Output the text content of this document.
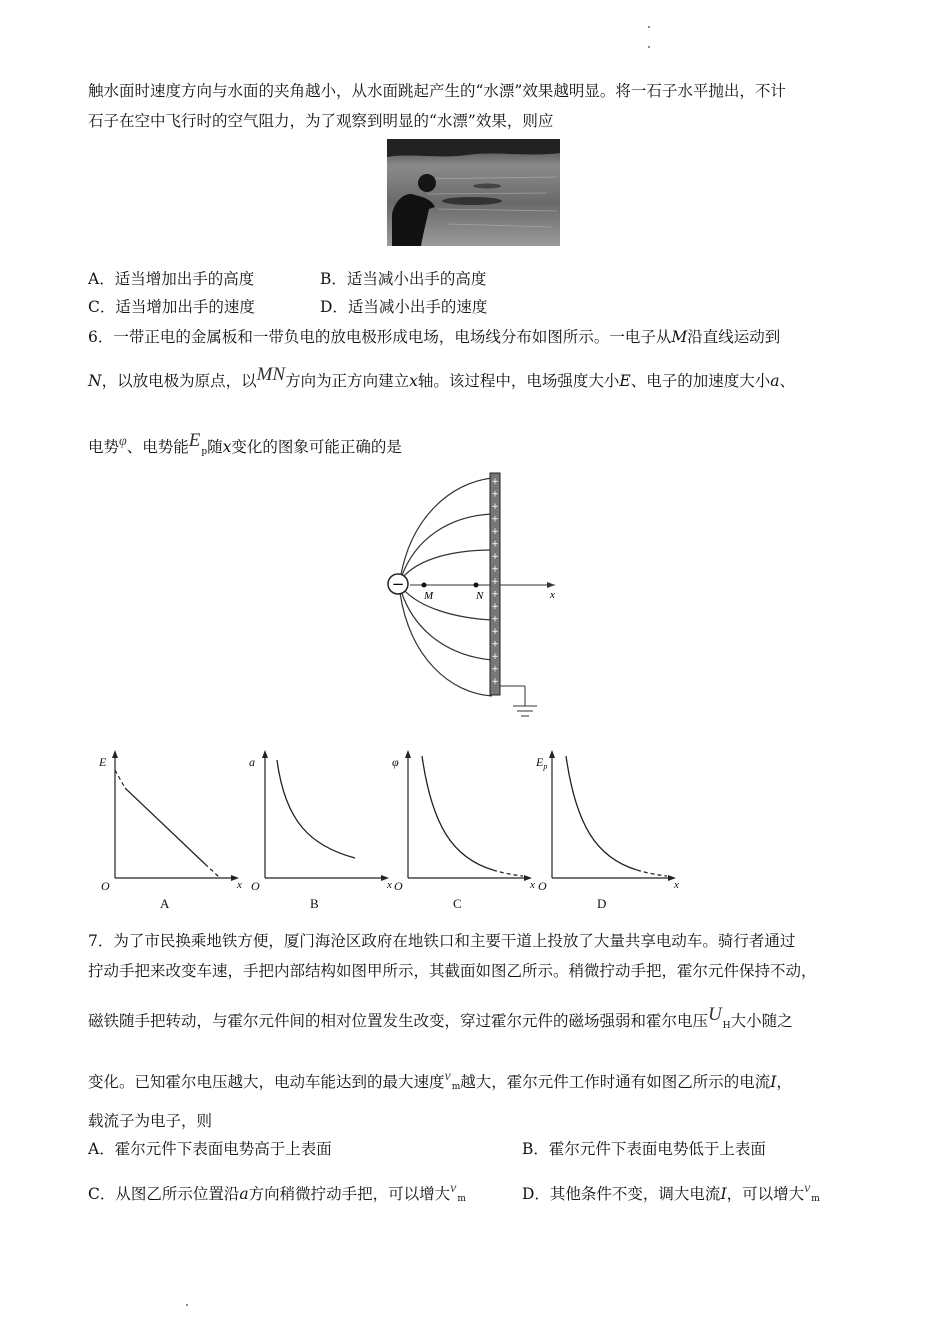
触水面时速度方向与水面的夹角越小，从水面跳起产生的“水漂”效果越明显。将一石子水平抛出，不计
石子在空中飞行时的空气阻力，为了观察到明显的“水漂”效果，则应
A．适当增加出手的高度	B．适当减小出手的高度
C．适当增加出手的速度	D．适当减小出手的速度
6．一带正电的金属板和一带负电的放电极形成电场，电场线分布如图所示。一电子从M沿直线运动到
N，以放电极为原点，以MN方向为正方向建立x轴。该过程中，电场强度大小E、电子的加速度大小a、
电势φ、电势能$E_p$随x变化的图象可能正确的是
−
M	N	x
+
+
+
+
+
+
+
+
+
+
+
+
+
+
+
+
+
E
x
O
A
a
x
O
B
φ
x
O
C
$E_p$
x
O
D
7．为了市民换乘地铁方便，厦门海沧区政府在地铁口和主要干道上投放了大量共享电动车。骑行者通过
拧动手把来改变车速，手把内部结构如图甲所示，其截面如图乙所示。稍微拧动手把，霍尔元件保持不动，
磁铁随手把转动，与霍尔元件间的相对位置发生改变，穿过霍尔元件的磁场强弱和霍尔电压$U_H$大小随之
变化。已知霍尔电压越大，电动车能达到的最大速度$v_m$越大，霍尔元件工作时通有如图乙所示的电流I，
载流子为电子，则
A．霍尔元件下表面电势高于上表面	B．霍尔元件下表面电势低于上表面
C．从图乙所示位置沿a方向稍微拧动手把，可以增大$v_m$	D．其他条件不变，调大电流I，可以增大$v_m$
